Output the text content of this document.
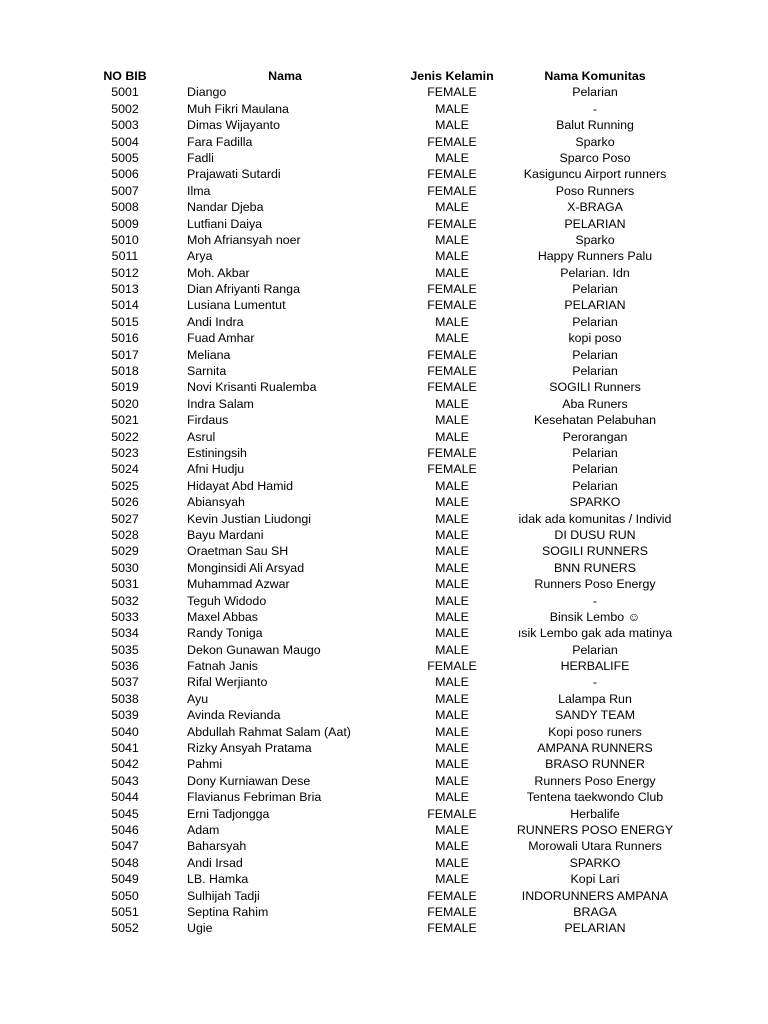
NO BIB	Nama	Jenis Kelamin	Nama Komunitas
5001	Diango	FEMALE	Pelarian
5002	Muh Fikri Maulana	MALE	-
5003	Dimas Wijayanto	MALE	Balut Running
5004	Fara Fadilla	FEMALE	Sparko
5005	Fadli	MALE	Sparco Poso
5006	Prajawati Sutardi	FEMALE	Kasiguncu Airport runners
5007	Ilma	FEMALE	Poso Runners
5008	Nandar Djeba	MALE	X-BRAGA
5009	Lutfiani Daiya	FEMALE	PELARIAN
5010	Moh Afriansyah noer	MALE	Sparko
5011	Arya	MALE	Happy Runners Palu
5012	Moh. Akbar	MALE	Pelarian. Idn
5013	Dian Afriyanti Ranga	FEMALE	Pelarian
5014	Lusiana Lumentut	FEMALE	PELARIAN
5015	Andi Indra	MALE	Pelarian
5016	Fuad Amhar	MALE	kopi poso
5017	Meliana	FEMALE	Pelarian
5018	Sarnita	FEMALE	Pelarian
5019	Novi Krisanti Rualemba	FEMALE	SOGILI Runners
5020	Indra Salam	MALE	Aba Runers
5021	Firdaus	MALE	Kesehatan Pelabuhan
5022	Asrul	MALE	Perorangan
5023	Estiningsih	FEMALE	Pelarian
5024	Afni Hudju	FEMALE	Pelarian
5025	Hidayat Abd Hamid	MALE	Pelarian
5026	Abiansyah	MALE	SPARKO
5027	Kevin Justian Liudongi	MALE	idak ada komunitas / Individ
5028	Bayu Mardani	MALE	DI DUSU RUN
5029	Oraetman Sau SH	MALE	SOGILI RUNNERS
5030	Monginsidi Ali Arsyad	MALE	BNN RUNERS
5031	Muhammad Azwar	MALE	Runners Poso Energy
5032	Teguh Widodo	MALE	-
5033	Maxel Abbas	MALE	Binsik Lembo ☺
5034	Randy Toniga	MALE	ısik Lembo gak ada matinya
5035	Dekon Gunawan Maugo	MALE	Pelarian
5036	Fatnah Janis	FEMALE	HERBALIFE
5037	Rifal Werjianto	MALE	-
5038	Ayu	MALE	Lalampa Run
5039	Avinda Revianda	MALE	SANDY TEAM
5040	Abdullah Rahmat Salam (Aat)	MALE	Kopi poso runers
5041	Rizky Ansyah Pratama	MALE	AMPANA RUNNERS
5042	Pahmi	MALE	BRASO RUNNER
5043	Dony Kurniawan Dese	MALE	Runners Poso Energy
5044	Flavianus Febriman Bria	MALE	Tentena taekwondo Club
5045	Erni Tadjongga	FEMALE	Herbalife
5046	Adam	MALE	RUNNERS POSO ENERGY
5047	Baharsyah	MALE	Morowali Utara Runners
5048	Andi Irsad	MALE	SPARKO
5049	LB. Hamka	MALE	Kopi Lari
5050	Sulhijah Tadji	FEMALE	INDORUNNERS AMPANA
5051	Septina Rahim	FEMALE	BRAGA
5052	Ugie	FEMALE	PELARIAN
